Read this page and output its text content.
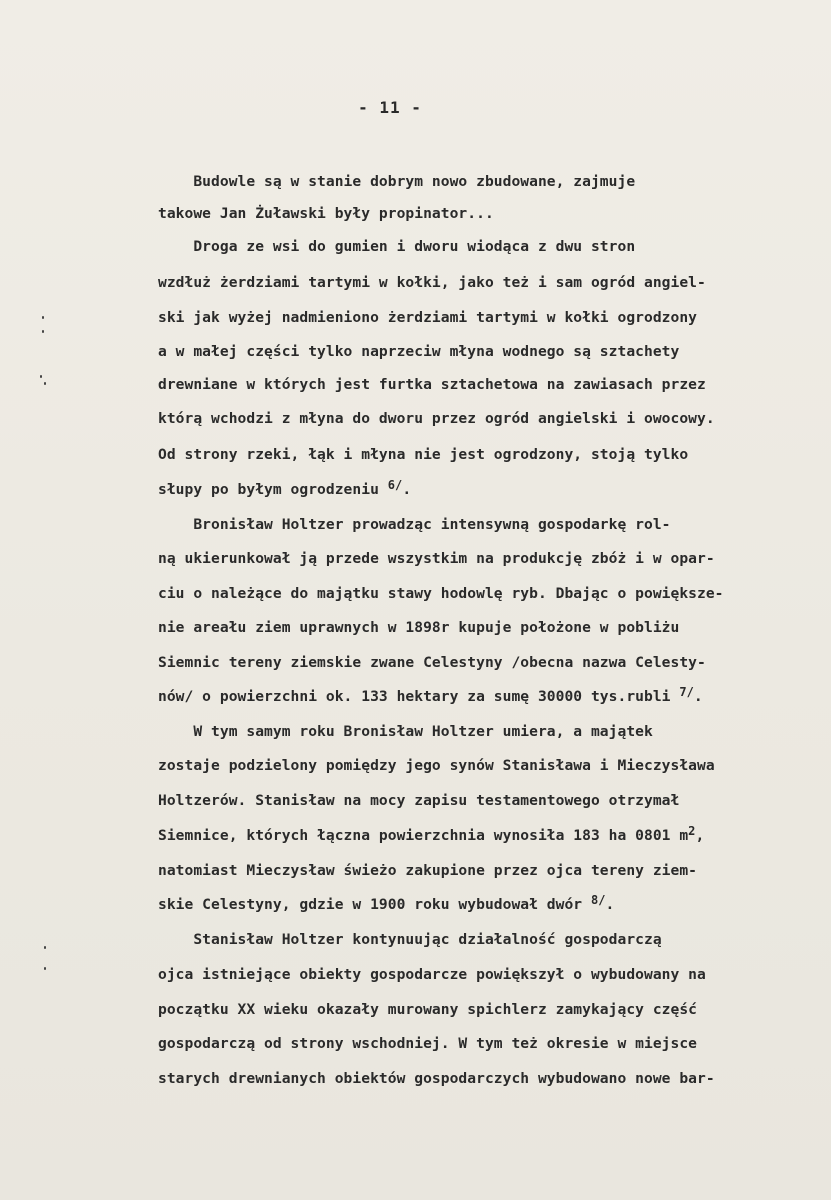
- 11 -
Budowle są w stanie dobrym nowo zbudowane, zajmuje
takowe Jan Żuławski były propinator...
Droga ze wsi do gumien i dworu wiodąca z dwu stron
wzdłuż żerdziami tartymi w kołki, jako też i sam ogród angiel-
ski jak wyżej nadmieniono żerdziami tartymi w kołki ogrodzony
a w małej części tylko naprzeciw młyna wodnego są sztachety
drewniane w których jest furtka sztachetowa na zawiasach przez
którą wchodzi z młyna do dworu przez ogród angielski i owocowy.
Od strony rzeki, łąk i młyna nie jest ogrodzony, stoją tylko
słupy po byłym ogrodzeniu $^{6/}$.
Bronisław Holtzer prowadząc intensywną gospodarkę rol-
ną ukierunkował ją przede wszystkim na produkcję zbóż i w opar-
ciu o należące do majątku stawy hodowlę ryb. Dbając o powiększe-
nie areału ziem uprawnych w 1898r kupuje położone w pobliżu
Siemnic tereny ziemskie zwane Celestyny /obecna nazwa Celesty-
nów/ o powierzchni ok. 133 hektary za sumę 30000 tys.rubli $^{7/}$.
W tym samym roku Bronisław Holtzer umiera, a majątek
zostaje podzielony pomiędzy jego synów Stanisława i Mieczysława
Holtzerów. Stanisław na mocy zapisu testamentowego otrzymał
Siemnice, których łączna powierzchnia wynosiła 183 ha 0801 $m^2$,
natomiast Mieczysław świeżo zakupione przez ojca tereny ziem-
skie Celestyny, gdzie w 1900 roku wybudował dwór $^{8/}$.
Stanisław Holtzer kontynuując działalność gospodarczą
ojca istniejące obiekty gospodarcze powiększył o wybudowany na
początku XX wieku okazały murowany spichlerz zamykający część
gospodarczą od strony wschodniej. W tym też okresie w miejsce
starych drewnianych obiektów gospodarczych wybudowano nowe bar-
